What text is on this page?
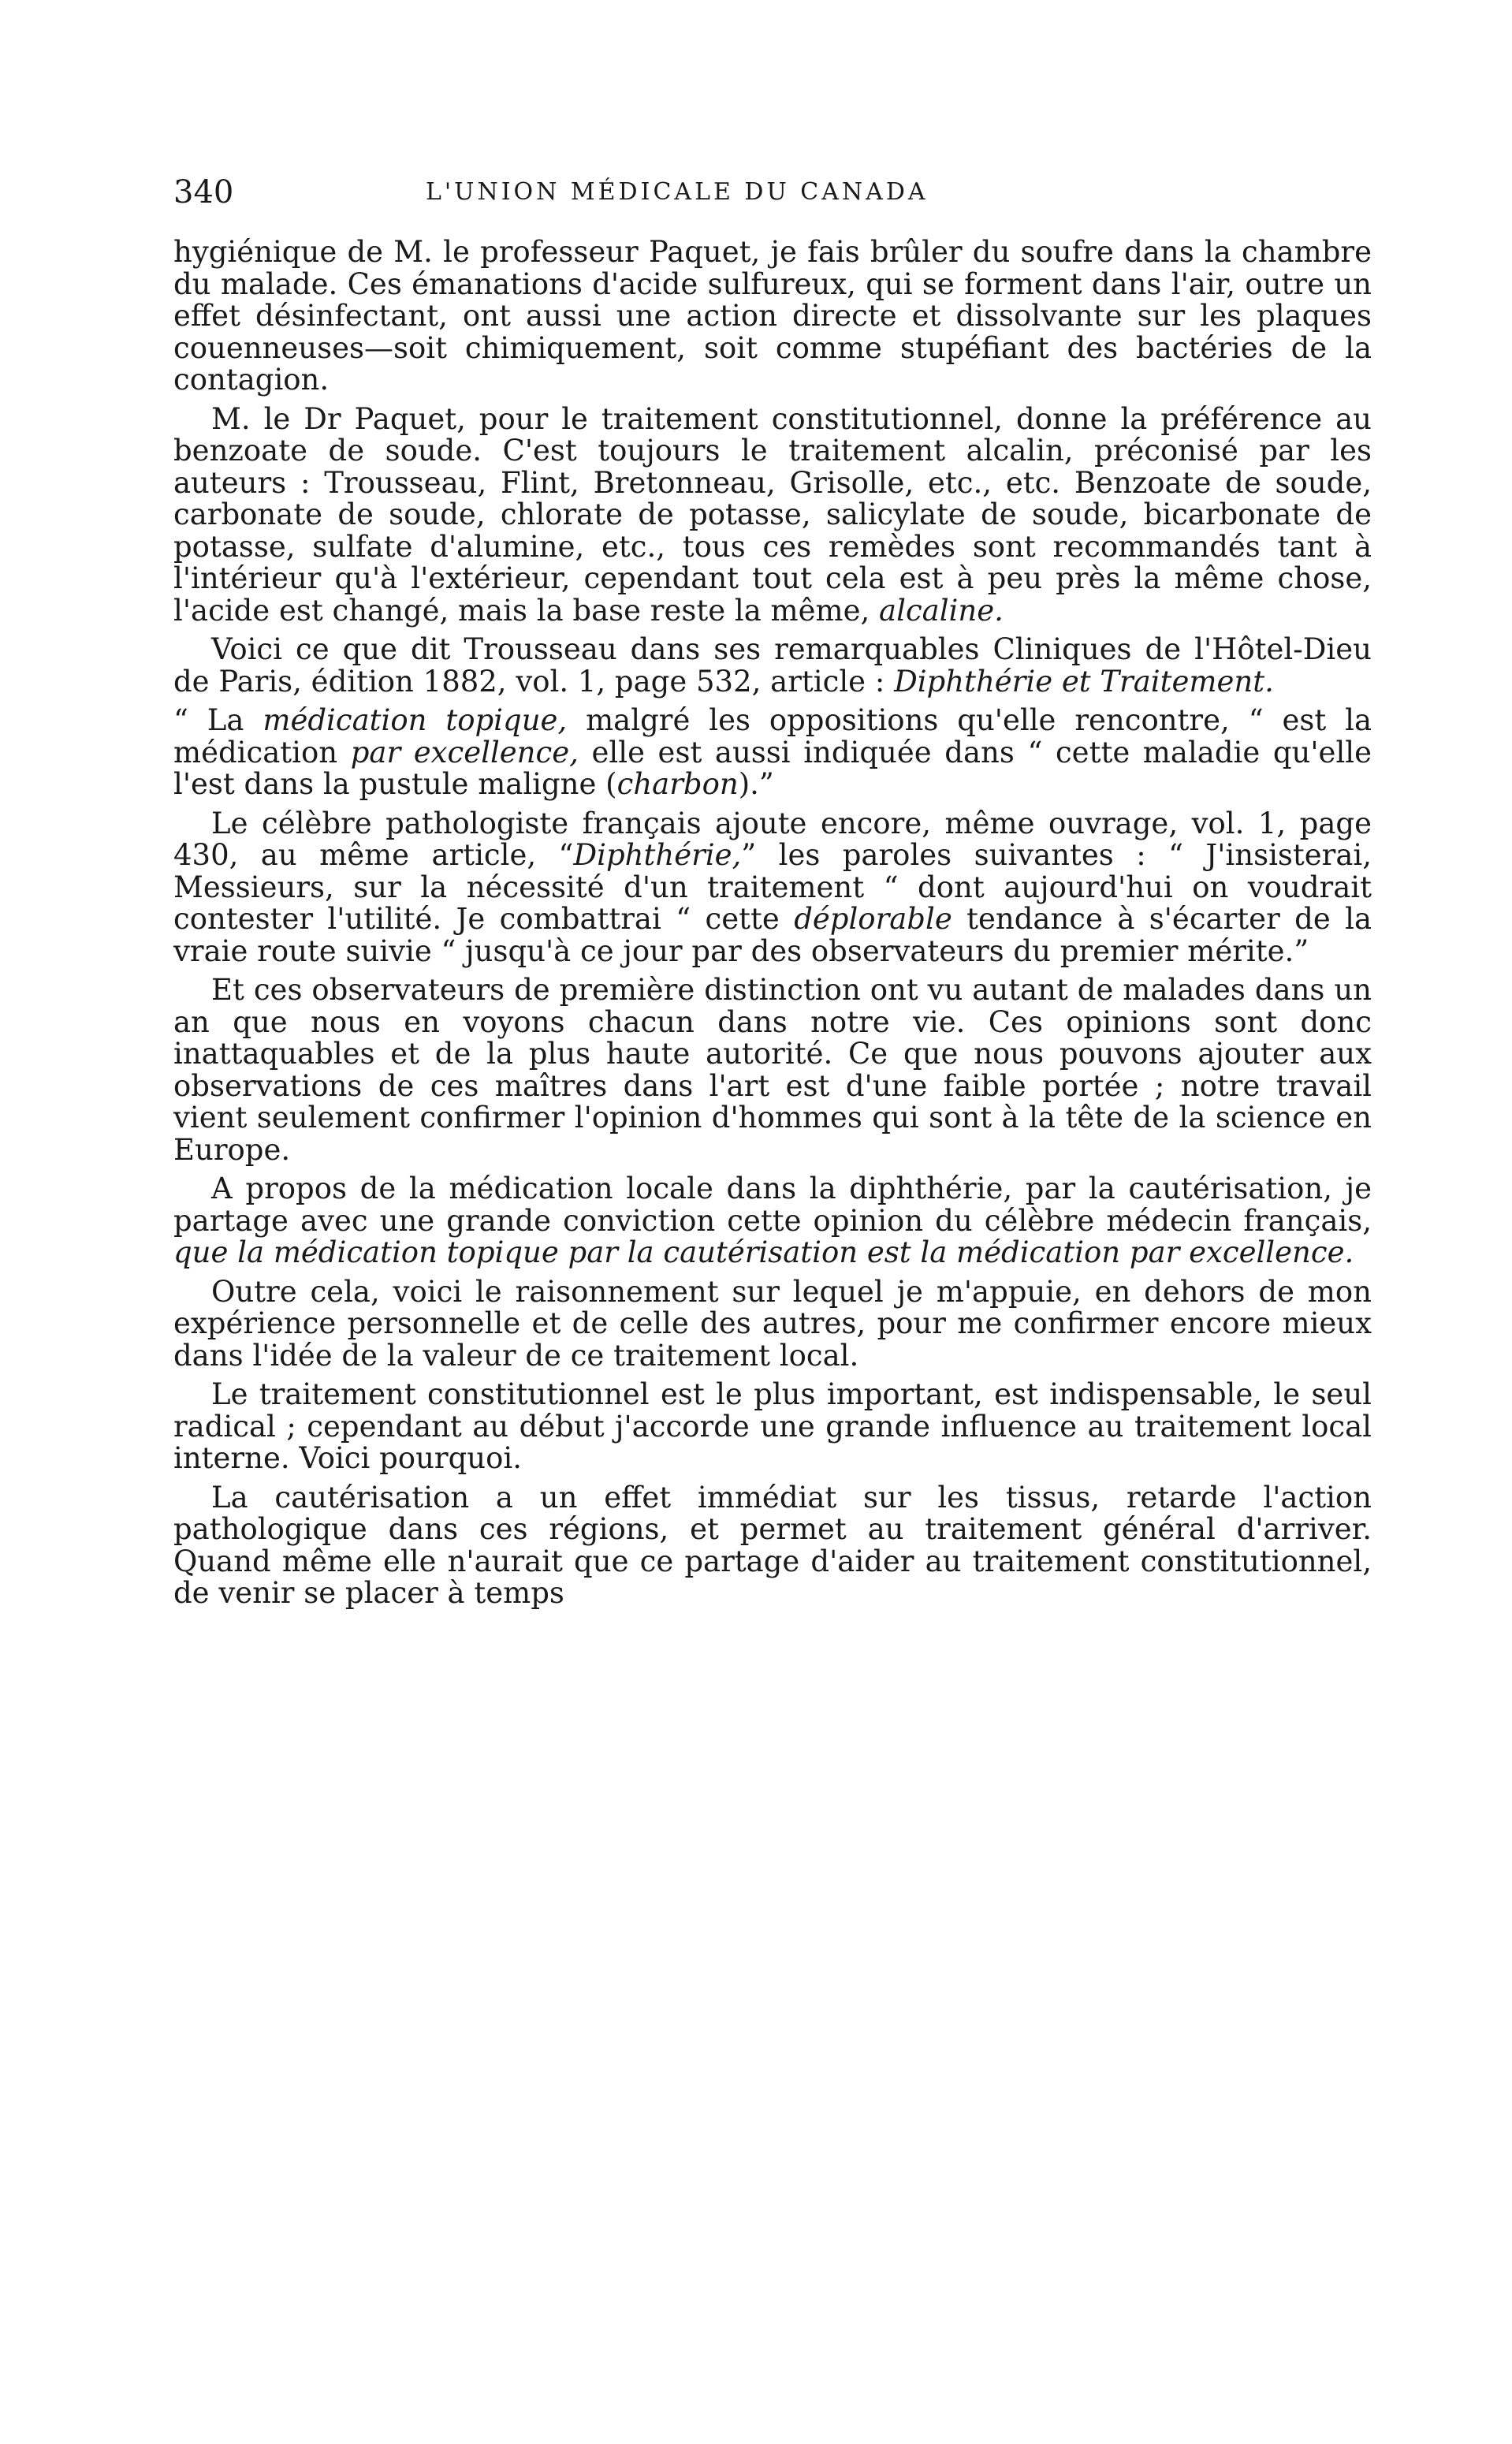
340	L'UNION MÉDICALE DU CANADA

hygiénique de M. le professeur Paquet, je fais brûler du soufre dans la chambre du malade. Ces émanations d'acide sulfureux, qui se forment dans l'air, outre un effet désinfectant, ont aussi une action directe et dissolvante sur les plaques couenneuses—soit chimiquement, soit comme stupéfiant des bactéries de la contagion.

M. le Dr Paquet, pour le traitement constitutionnel, donne la préférence au benzoate de soude. C'est toujours le traitement alcalin, préconisé par les auteurs : Trousseau, Flint, Bretonneau, Grisolle, etc., etc. Benzoate de soude, carbonate de soude, chlorate de potasse, salicylate de soude, bicarbonate de potasse, sulfate d'alumine, etc., tous ces remèdes sont recommandés tant à l'intérieur qu'à l'extérieur, cependant tout cela est à peu près la même chose, l'acide est changé, mais la base reste la même, alcaline.

Voici ce que dit Trousseau dans ses remarquables Cliniques de l'Hôtel-Dieu de Paris, édition 1882, vol. 1, page 532, article : Diphthérie et Traitement.

“ La médication topique, malgré les oppositions qu'elle rencontre, “ est la médication par excellence, elle est aussi indiquée dans “ cette maladie qu'elle l'est dans la pustule maligne (charbon).”

Le célèbre pathologiste français ajoute encore, même ouvrage, vol. 1, page 430, au même article, “Diphthérie,” les paroles suivantes : “ J'insisterai, Messieurs, sur la nécessité d'un traitement “ dont aujourd'hui on voudrait contester l'utilité. Je combattrai “ cette déplorable tendance à s'écarter de la vraie route suivie “ jusqu'à ce jour par des observateurs du premier mérite.”

Et ces observateurs de première distinction ont vu autant de malades dans un an que nous en voyons chacun dans notre vie. Ces opinions sont donc inattaquables et de la plus haute autorité. Ce que nous pouvons ajouter aux observations de ces maîtres dans l'art est d'une faible portée ; notre travail vient seulement confirmer l'opinion d'hommes qui sont à la tête de la science en Europe.

A propos de la médication locale dans la diphthérie, par la cautérisation, je partage avec une grande conviction cette opinion du célèbre médecin français, que la médication topique par la cautérisation est la médication par excellence.

Outre cela, voici le raisonnement sur lequel je m'appuie, en dehors de mon expérience personnelle et de celle des autres, pour me confirmer encore mieux dans l'idée de la valeur de ce traitement local.

Le traitement constitutionnel est le plus important, est indispensable, le seul radical ; cependant au début j'accorde une grande influence au traitement local interne. Voici pourquoi.

La cautérisation a un effet immédiat sur les tissus, retarde l'action pathologique dans ces régions, et permet au traitement général d'arriver. Quand même elle n'aurait que ce partage d'aider au traitement constitutionnel, de venir se placer à temps
